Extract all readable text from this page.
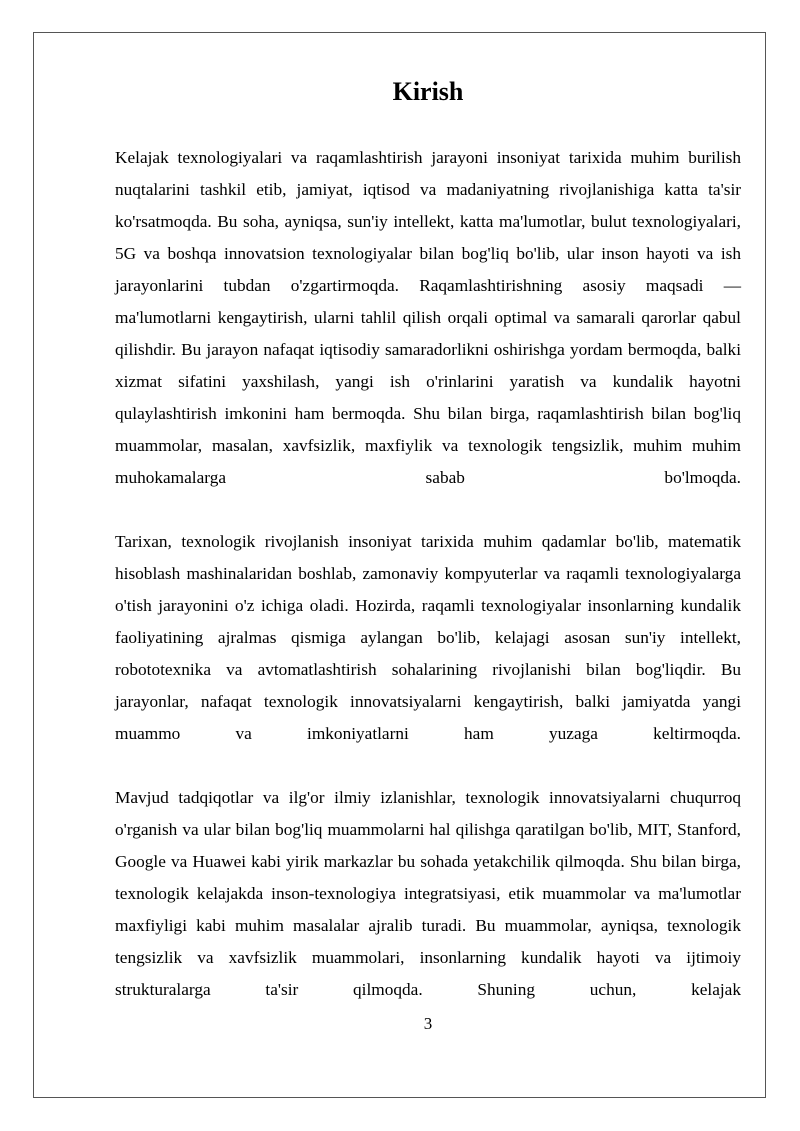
Kirish

Kelajak texnologiyalari va raqamlashtirish jarayoni insoniyat tarixida muhim burilish nuqtalarini tashkil etib, jamiyat, iqtisod va madaniyatning rivojlanishiga katta ta'sir ko'rsatmoqda. Bu soha, ayniqsa, sun'iy intellekt, katta ma'lumotlar, bulut texnologiyalari, 5G va boshqa innovatsion texnologiyalar bilan bog'liq bo'lib, ular inson hayoti va ish jarayonlarini tubdan o'zgartirmoqda. Raqamlashtirishning asosiy maqsadi — ma'lumotlarni kengaytirish, ularni tahlil qilish orqali optimal va samarali qarorlar qabul qilishdir. Bu jarayon nafaqat iqtisodiy samaradorlikni oshirishga yordam bermoqda, balki xizmat sifatini yaxshilash, yangi ish o'rinlarini yaratish va kundalik hayotni qulaylashtirish imkonini ham bermoqda. Shu bilan birga, raqamlashtirish bilan bog'liq muammolar, masalan, xavfsizlik, maxfiylik va texnologik tengsizlik, muhim muhim muhokamalarga sabab bo'lmoqda.

Tarixan, texnologik rivojlanish insoniyat tarixida muhim qadamlar bo'lib, matematik hisoblash mashinalaridan boshlab, zamonaviy kompyuterlar va raqamli texnologiyalarga o'tish jarayonini o'z ichiga oladi. Hozirda, raqamli texnologiyalar insonlarning kundalik faoliyatining ajralmas qismiga aylangan bo'lib, kelajagi asosan sun'iy intellekt, robototexnika va avtomatlashtirish sohalarining rivojlanishi bilan bog'liqdir. Bu jarayonlar, nafaqat texnologik innovatsiyalarni kengaytirish, balki jamiyatda yangi muammo va imkoniyatlarni ham yuzaga keltirmoqda.

Mavjud tadqiqotlar va ilg'or ilmiy izlanishlar, texnologik innovatsiyalarni chuqurroq o'rganish va ular bilan bog'liq muammolarni hal qilishga qaratilgan bo'lib, MIT, Stanford, Google va Huawei kabi yirik markazlar bu sohada yetakchilik qilmoqda. Shu bilan birga, texnologik kelajakda inson-texnologiya integratsiyasi, etik muammolar va ma'lumotlar maxfiyligi kabi muhim masalalar ajralib turadi. Bu muammolar, ayniqsa, texnologik tengsizlik va xavfsizlik muammolari, insonlarning kundalik hayoti va ijtimoiy strukturalarga ta'sir qilmoqda. Shuning uchun, kelajak

3
